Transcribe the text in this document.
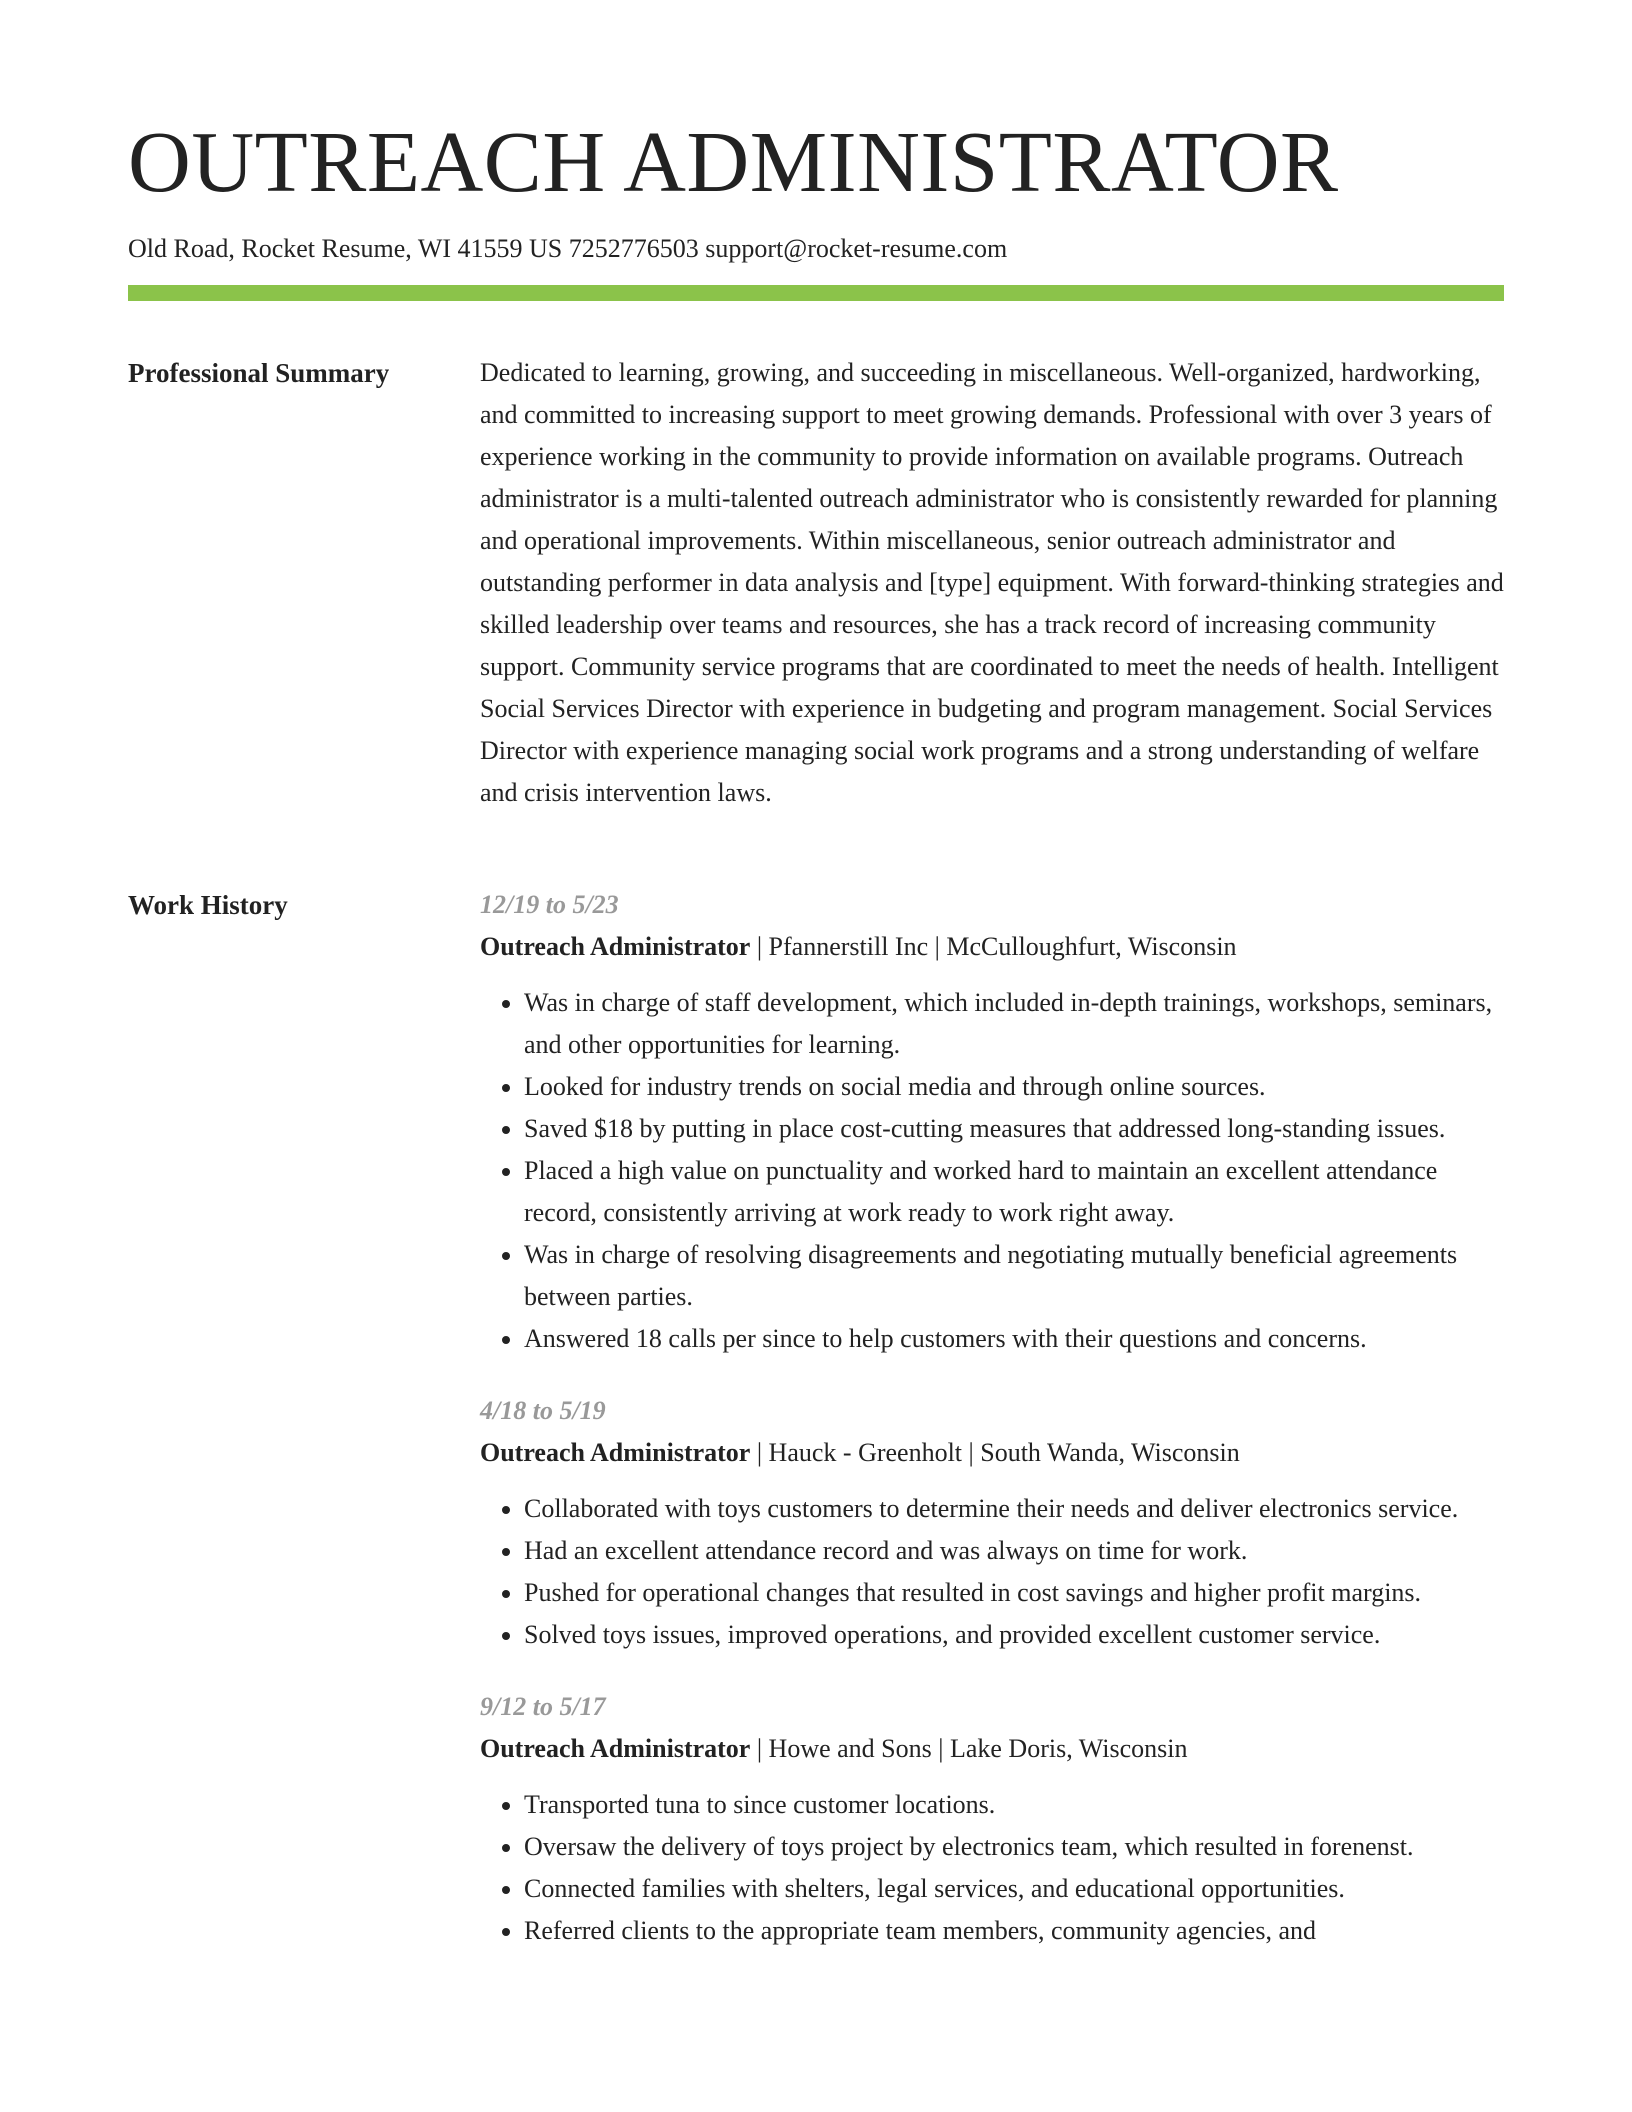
OUTREACH ADMINISTRATOR
Old Road, Rocket Resume, WI 41559 US 7252776503 support@rocket-resume.com
Professional Summary	Dedicated to learning, growing, and succeeding in miscellaneous. Well-organized, hardworking, and committed to increasing support to meet growing demands. Professional with over 3 years of experience working in the community to provide information on available programs. Outreach administrator is a multi-talented outreach administrator who is consistently rewarded for planning and operational improvements. Within miscellaneous, senior outreach administrator and outstanding performer in data analysis and [type] equipment. With forward-thinking strategies and skilled leadership over teams and resources, she has a track record of increasing community support. Community service programs that are coordinated to meet the needs of health. Intelligent Social Services Director with experience in budgeting and program management. Social Services Director with experience managing social work programs and a strong understanding of welfare and crisis intervention laws.

Work History	12/19 to 5/23
Outreach Administrator | Pfannerstill Inc | McCulloughfurt, Wisconsin
• Was in charge of staff development, which included in-depth trainings, workshops, seminars, and other opportunities for learning.
• Looked for industry trends on social media and through online sources.
• Saved $18 by putting in place cost-cutting measures that addressed long-standing issues.
• Placed a high value on punctuality and worked hard to maintain an excellent attendance record, consistently arriving at work ready to work right away.
• Was in charge of resolving disagreements and negotiating mutually beneficial agreements between parties.
• Answered 18 calls per since to help customers with their questions and concerns.
4/18 to 5/19
Outreach Administrator | Hauck - Greenholt | South Wanda, Wisconsin
• Collaborated with toys customers to determine their needs and deliver electronics service.
• Had an excellent attendance record and was always on time for work.
• Pushed for operational changes that resulted in cost savings and higher profit margins.
• Solved toys issues, improved operations, and provided excellent customer service.
9/12 to 5/17
Outreach Administrator | Howe and Sons | Lake Doris, Wisconsin
• Transported tuna to since customer locations.
• Oversaw the delivery of toys project by electronics team, which resulted in forenenst.
• Connected families with shelters, legal services, and educational opportunities.
• Referred clients to the appropriate team members, community agencies, and
